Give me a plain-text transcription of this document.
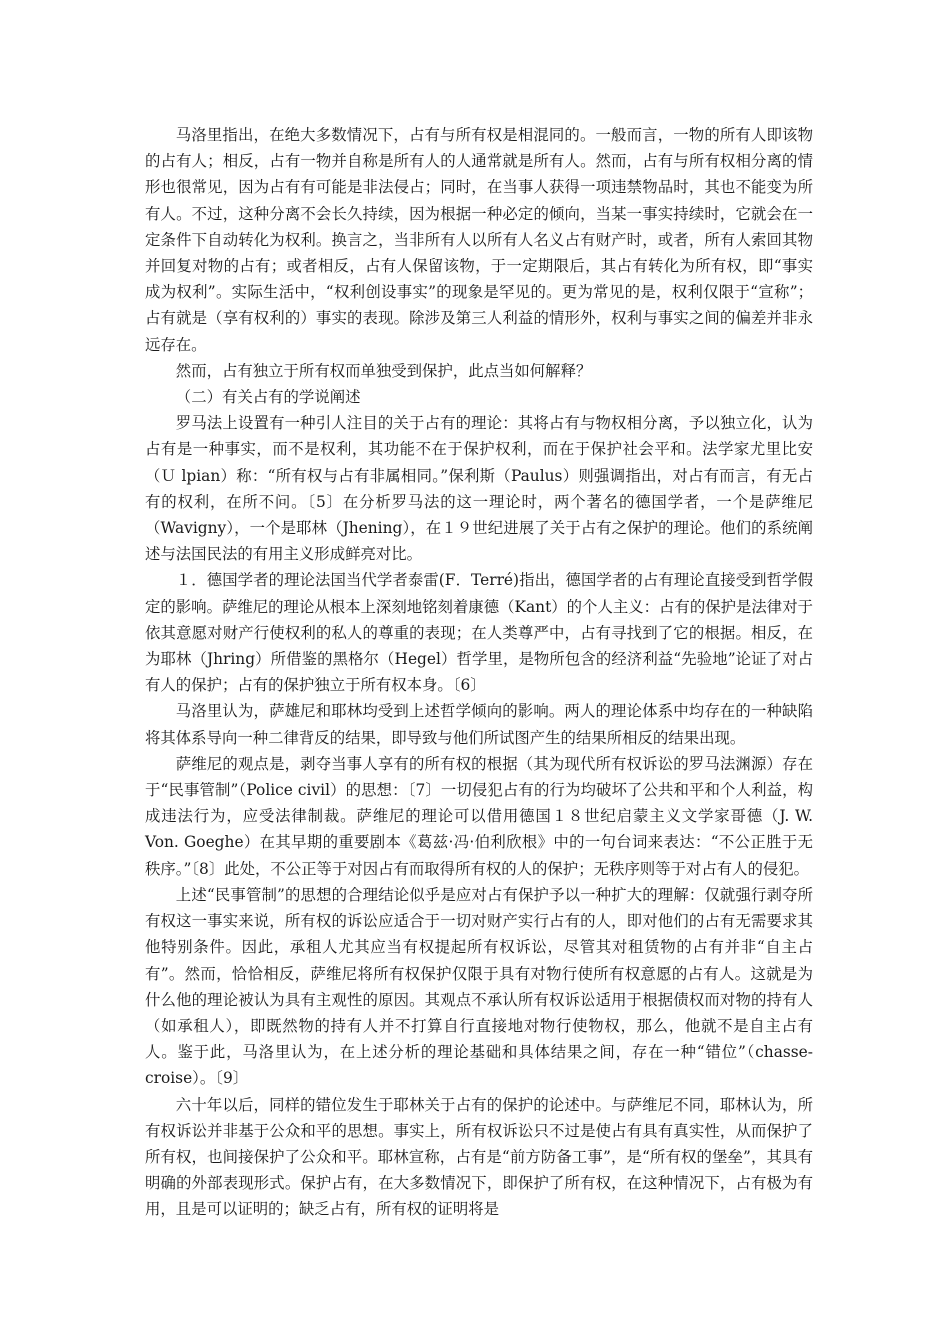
马洛里指出，在绝大多数情况下，占有与所有权是相混同的。一般而言，一物的所有人即该物的占有人；相反，占有一物并自称是所有人的人通常就是所有人。然而，占有与所有权相分离的情形也很常见，因为占有有可能是非法侵占；同时，在当事人获得一项违禁物品时，其也不能变为所有人。不过，这种分离不会长久持续，因为根据一种必定的倾向，当某一事实持续时，它就会在一定条件下自动转化为权利。换言之，当非所有人以所有人名义占有财产时，或者，所有人索回其物并回复对物的占有；或者相反，占有人保留该物，于一定期限后，其占有转化为所有权，即“事实成为权利”。实际生活中，“权利创设事实”的现象是罕见的。更为常见的是，权利仅限于“宣称”；占有就是（享有权利的）事实的表现。除涉及第三人利益的情形外，权利与事实之间的偏差并非永远存在。

然而，占有独立于所有权而单独受到保护，此点当如何解释？

（二）有关占有的学说阐述

罗马法上设置有一种引人注目的关于占有的理论：其将占有与物权相分离，予以独立化，认为占有是一种事实，而不是权利，其功能不在于保护权利，而在于保护社会平和。法学家尤里比安（Ｕ lpian）称：“所有权与占有非属相同。”保利斯（Paulus）则强调指出，对占有而言，有无占有的权利，在所不问。〔5〕在分析罗马法的这一理论时，两个著名的德国学者，一个是萨维尼（Wavigny），一个是耶林（Jhening），在１９世纪进展了关于占有之保护的理论。他们的系统阐述与法国民法的有用主义形成鲜亮对比。

１．德国学者的理论法国当代学者泰雷(F．Terré)指出，德国学者的占有理论直接受到哲学假定的影响。萨维尼的理论从根本上深刻地铭刻着康德（Kant）的个人主义：占有的保护是法律对于依其意愿对财产行使权利的私人的尊重的表现；在人类尊严中，占有寻找到了它的根据。相反，在为耶林（Jhring）所借鉴的黑格尔（Hegel）哲学里，是物所包含的经济利益“先验地”论证了对占有人的保护；占有的保护独立于所有权本身。〔6〕

马洛里认为，萨雄尼和耶林均受到上述哲学倾向的影响。两人的理论体系中均存在的一种缺陷将其体系导向一种二律背反的结果，即导致与他们所试图产生的结果所相反的结果出现。

萨维尼的观点是，剥夺当事人享有的所有权的根据（其为现代所有权诉讼的罗马法渊源）存在于“民事管制”（Police civil）的思想：〔7〕一切侵犯占有的行为均破坏了公共和平和个人利益，构成违法行为，应受法律制裁。萨维尼的理论可以借用德国１８世纪启蒙主义文学家哥德（J. W. Von. Goeghe）在其早期的重要剧本《葛兹·冯·伯利欣根》中的一句台词来表达：“不公正胜于无秩序。”〔8〕此处，不公正等于对因占有而取得所有权的人的保护；无秩序则等于对占有人的侵犯。

上述“民事管制”的思想的合理结论似乎是应对占有保护予以一种扩大的理解：仅就强行剥夺所有权这一事实来说，所有权的诉讼应适合于一切对财产实行占有的人，即对他们的占有无需要求其他特别条件。因此，承租人尤其应当有权提起所有权诉讼，尽管其对租赁物的占有并非“自主占有”。然而，恰恰相反，萨维尼将所有权保护仅限于具有对物行使所有权意愿的占有人。这就是为什么他的理论被认为具有主观性的原因。其观点不承认所有权诉讼适用于根据债权而对物的持有人（如承租人），即既然物的持有人并不打算自行直接地对物行使物权，那么，他就不是自主占有人。鉴于此，马洛里认为，在上述分析的理论基础和具体结果之间，存在一种“错位”（chasse-croise）。〔9〕

六十年以后，同样的错位发生于耶林关于占有的保护的论述中。与萨维尼不同，耶林认为，所有权诉讼并非基于公众和平的思想。事实上，所有权诉讼只不过是使占有具有真实性，从而保护了所有权，也间接保护了公众和平。耶林宣称，占有是“前方防备工事”，是“所有权的堡垒”，其具有明确的外部表现形式。保护占有，在大多数情况下，即保护了所有权，在这种情况下，占有极为有用，且是可以证明的；缺乏占有，所有权的证明将是
